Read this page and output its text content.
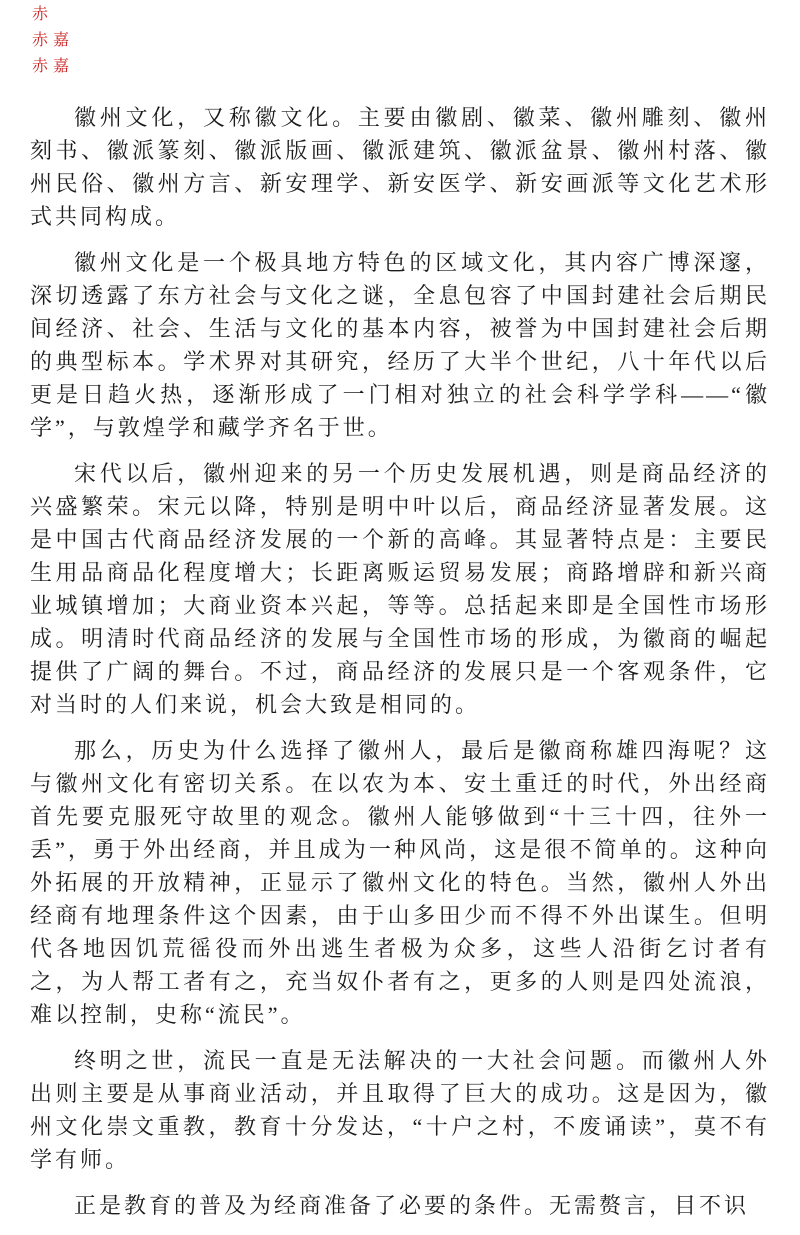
赤
赤嘉
赤嘉

徽州文化，又称徽文化。主要由徽剧、徽菜、徽州雕刻、徽州刻书、徽派篆刻、徽派版画、徽派建筑、徽派盆景、徽州村落、徽州民俗、徽州方言、新安理学、新安医学、新安画派等文化艺术形式共同构成。

徽州文化是一个极具地方特色的区域文化，其内容广博深邃，深切透露了东方社会与文化之谜，全息包容了中国封建社会后期民间经济、社会、生活与文化的基本内容，被誉为中国封建社会后期的典型标本。学术界对其研究，经历了大半个世纪，八十年代以后更是日趋火热，逐渐形成了一门相对独立的社会科学学科——“徽学”，与敦煌学和藏学齐名于世。

宋代以后，徽州迎来的另一个历史发展机遇，则是商品经济的兴盛繁荣。宋元以降，特别是明中叶以后，商品经济显著发展。这是中国古代商品经济发展的一个新的高峰。其显著特点是：主要民生用品商品化程度增大；长距离贩运贸易发展；商路增辟和新兴商业城镇增加；大商业资本兴起，等等。总括起来即是全国性市场形成。明清时代商品经济的发展与全国性市场的形成，为徽商的崛起提供了广阔的舞台。不过，商品经济的发展只是一个客观条件，它对当时的人们来说，机会大致是相同的。

那么，历史为什么选择了徽州人，最后是徽商称雄四海呢？这与徽州文化有密切关系。在以农为本、安土重迁的时代，外出经商首先要克服死守故里的观念。徽州人能够做到“十三十四，往外一丢”，勇于外出经商，并且成为一种风尚，这是很不简单的。这种向外拓展的开放精神，正显示了徽州文化的特色。当然，徽州人外出经商有地理条件这个因素，由于山多田少而不得不外出谋生。但明代各地因饥荒徭役而外出逃生者极为众多，这些人沿街乞讨者有之，为人帮工者有之，充当奴仆者有之，更多的人则是四处流浪，难以控制，史称“流民”。

终明之世，流民一直是无法解决的一大社会问题。而徽州人外出则主要是从事商业活动，并且取得了巨大的成功。这是因为，徽州文化崇文重教，教育十分发达，“十户之村，不废诵读”，莫不有学有师。

正是教育的普及为经商准备了必要的条件。无需赘言，目不识
